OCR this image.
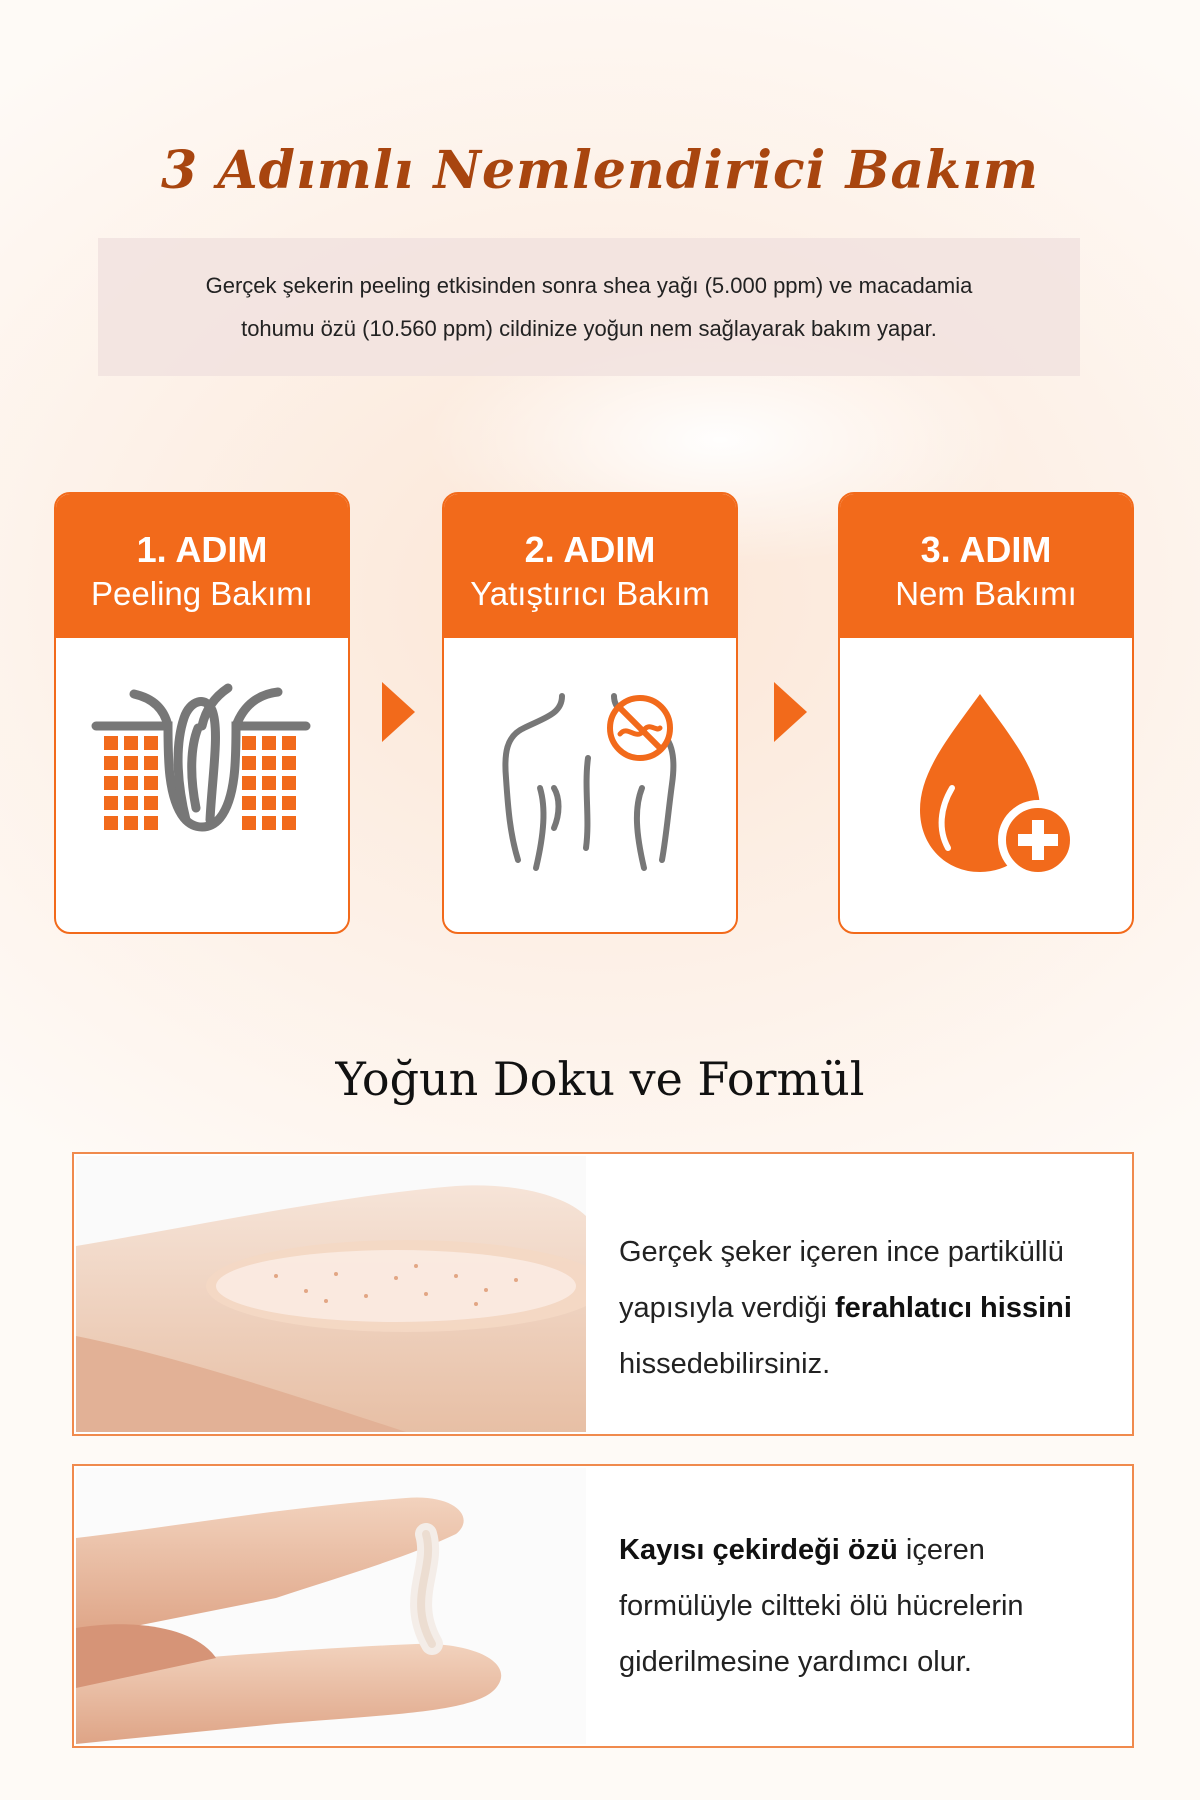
3 Adımlı Nemlendirici Bakım
Gerçek şekerin peeling etkisinden sonra shea yağı (5.000 ppm) ve macadamia
tohumu özü (10.560 ppm) cildinize yoğun nem sağlayarak bakım yapar.
1. ADIM
Peeling Bakımı
2. ADIM
Yatıştırıcı Bakım
3. ADIM
Nem Bakımı
Yoğun Doku ve Formül
Gerçek şeker içeren ince partiküllü
yapısıyla verdiği ferahlatıcı hissini
hissedebilirsiniz.
Kayısı çekirdeği özü içeren
formülüyle ciltteki ölü hücrelerin
giderilmesine yardımcı olur.
